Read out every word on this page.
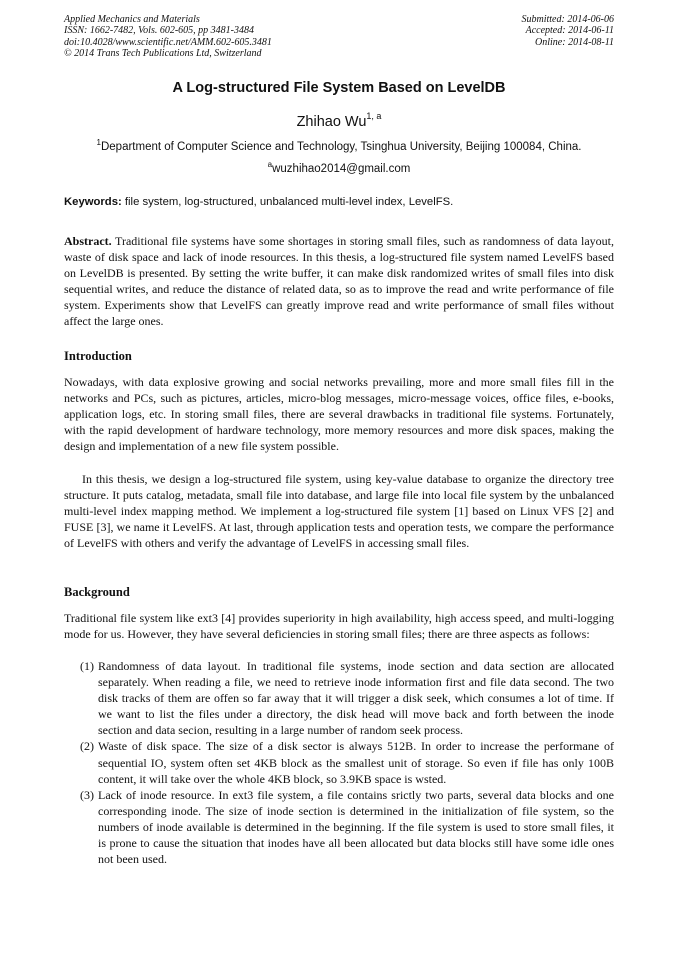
Applied Mechanics and Materials
ISSN: 1662-7482, Vols. 602-605, pp 3481-3484
doi:10.4028/www.scientific.net/AMM.602-605.3481
© 2014 Trans Tech Publications Ltd, Switzerland
Submitted: 2014-06-06
Accepted: 2014-06-11
Online: 2014-08-11
A Log-structured File System Based on LevelDB
Zhihao Wu$^{1, a}$
$^1$Department of Computer Science and Technology, Tsinghua University, Beijing 100084, China.
$^a$wuzhihao2014@gmail.com
Keywords: file system, log-structured, unbalanced multi-level index, LevelFS.
Abstract. Traditional file systems have some shortages in storing small files, such as randomness of data layout, waste of disk space and lack of inode resources. In this thesis, a log-structured file system named LevelFS based on LevelDB is presented. By setting the write buffer, it can make disk randomized writes of small files into disk sequential writes, and reduce the distance of related data, so as to improve the read and write performance of file system. Experiments show that LevelFS can greatly improve read and write performance of small files without affect the large ones.
Introduction
Nowadays, with data explosive growing and social networks prevailing, more and more small files fill in the networks and PCs, such as pictures, articles, micro-blog messages, micro-message voices, office files, e-books, application logs, etc. In storing small files, there are several drawbacks in traditional file systems. Fortunately, with the rapid development of hardware technology, more memory resources and more disk spaces, making the design and implementation of a new file system possible.
In this thesis, we design a log-structured file system, using key-value database to organize the directory tree structure. It puts catalog, metadata, small file into database, and large file into local file system by the unbalanced multi-level index mapping method. We implement a log-structured file system [1] based on Linux VFS [2] and FUSE [3], we name it LevelFS. At last, through application tests and operation tests, we compare the performance of LevelFS with others and verify the advantage of LevelFS in accessing small files.
Background
Traditional file system like ext3 [4] provides superiority in high availability, high access speed, and multi-logging mode for us. However, they have several deficiencies in storing small files; there are three aspects as follows:
(1) Randomness of data layout. In traditional file systems, inode section and data section are allocated separately. When reading a file, we need to retrieve inode information first and file data second. The two disk tracks of them are offen so far away that it will trigger a disk seek, which consumes a lot of time. If we want to list the files under a directory, the disk head will move back and forth between the inode section and data secion, resulting in a large number of random seek process.
(2) Waste of disk space. The size of a disk sector is always 512B. In order to increase the performane of sequential IO, system often set 4KB block as the smallest unit of storage. So even if file has only 100B content, it will take over the whole 4KB block, so 3.9KB space is wsted.
(3) Lack of inode resource. In ext3 file system, a file contains srictly two parts, several data blocks and one corresponding inode. The size of inode section is determined in the initialization of file system, so the numbers of inode available is determined in the beginning. If the file system is used to store small files, it is prone to cause the situation that inodes have all been allocated but data blocks still have some idle ones not been used.
